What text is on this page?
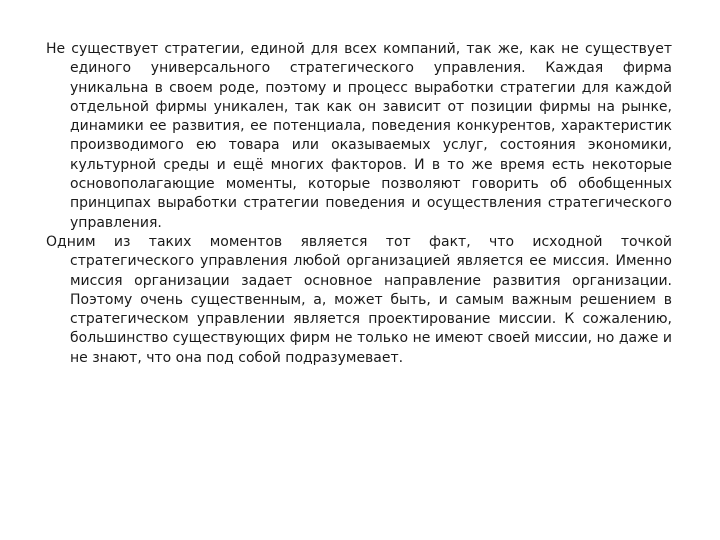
Не существует стратегии, единой для всех компаний, так же, как не существует единого универсального стратегического управления. Каждая фирма уникальна в своем роде, поэтому и процесс выработки стратегии для каждой отдельной фирмы уникален, так как он зависит от позиции фирмы на рынке, динамики ее развития, ее потенциала, поведения конкурентов, характеристик производимого ею товара или оказываемых услуг, состояния экономики, культурной среды и ещё многих факторов. И в то же время есть некоторые основополагающие моменты, которые позволяют говорить об обобщенных принципах выработки стратегии поведения и осуществления стратегического управления.

Одним из таких моментов является тот факт, что исходной точкой стратегического управления любой организацией является ее миссия. Именно миссия организации задает основное направление развития организации. Поэтому очень существенным, а, может быть, и самым важным решением в стратегическом управлении является проектирование миссии. К сожалению, большинство существующих фирм не только не имеют своей миссии, но даже и не знают, что она под собой подразумевает.
